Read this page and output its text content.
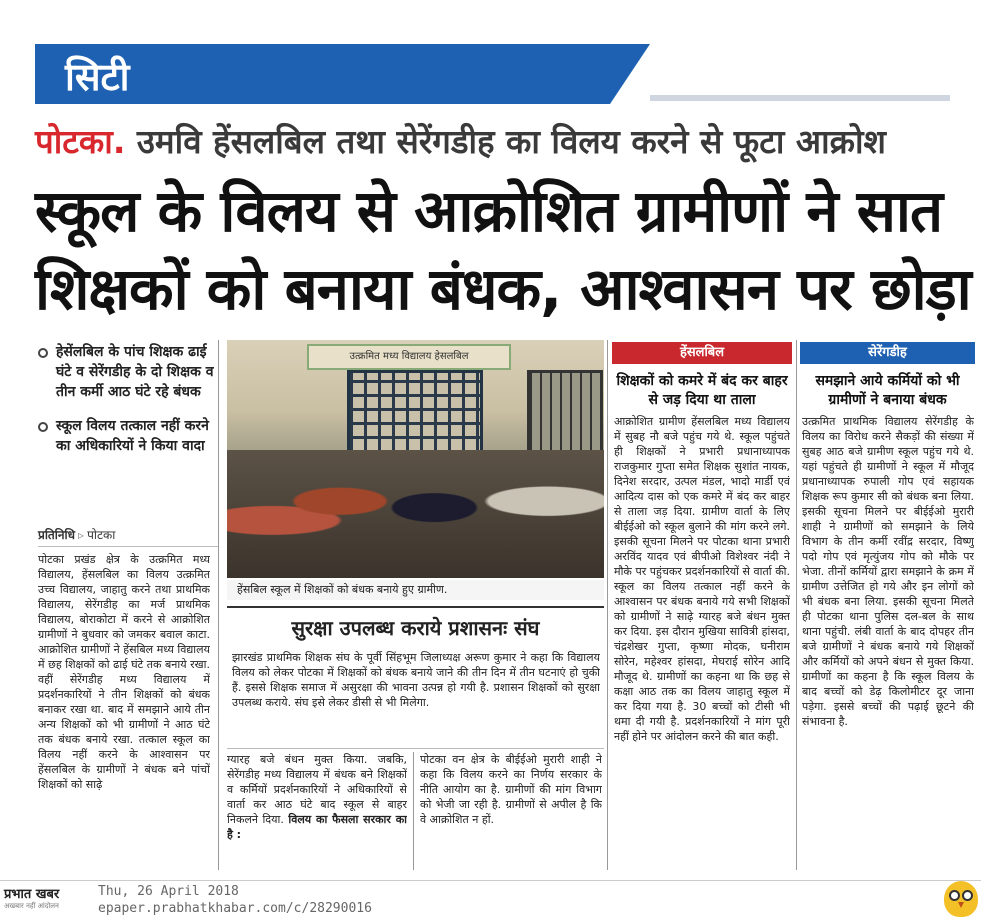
सिटी
पोटका. उमवि हेंसलबिल तथा सेरेंगडीह का विलय करने से फूटा आक्रोश
स्कूल के विलय से आक्रोशित ग्रामीणों ने सात
शिक्षकों को बनाया बंधक, आश्वासन पर छोड़ा
हेसेंलबिल के पांच शिक्षक ढाई घंटे व सेरेंगडीह के दो शिक्षक व तीन कर्मी आठ घंटे रहे बंधक
स्कूल विलय तत्काल नहीं करने का अधिकारियों ने किया वादा
प्रतिनिधि ▹ पोटका
पोटका प्रखंड क्षेत्र के उत्क्रमित मध्य विद्यालय, हेंसलबिल का विलय उत्क्रमित उच्च विद्यालय, जाहातु करने तथा प्राथमिक विद्यालय, सेरेंगडीह का मर्ज प्राथमिक विद्यालय, बोराकोटा में करने से आक्रोशित ग्रामीणों ने बुधवार को जमकर बवाल काटा. आक्रोशित ग्रामीणों ने हेंसबिल मध्य विद्यालय में छह शिक्षकों को ढाई घंटे तक बनाये रखा. वहीं सेरेंगडीह मध्य विद्यालय में प्रदर्शनकारियों ने तीन शिक्षकों को बंधक बनाकर रखा था. बाद में समझाने आये तीन अन्य शिक्षकों को भी ग्रामीणों ने आठ घंटे तक बंधक बनाये रखा. तत्काल स्कूल का विलय नहीं करने के आश्वासन पर हेंसलबिल के ग्रामीणों ने बंधक बने पांचों शिक्षकों को साढ़े
उत्क्रमित मध्य विद्यालय हेसलबिल
हेंसबिल स्कूल में शिक्षकों को बंधक बनाये हुए ग्रामीण.
सुरक्षा उपलब्ध कराये प्रशासनः संघ
झारखंड प्राथमिक शिक्षक संघ के पूर्वी सिंहभूम जिलाध्यक्ष अरूण कुमार ने कहा कि विद्यालय विलय को लेकर पोटका में शिक्षकों को बंधक बनाये जाने की तीन दिन में तीन घटनाएं हो चुकी हैं. इससे शिक्षक समाज में असुरक्षा की भावना उत्पन्न हो गयी है. प्रशासन शिक्षकों को सुरक्षा उपलब्ध कराये. संघ इसे लेकर डीसी से भी मिलेगा.
ग्यारह बजे बंधन मुक्त किया. जबकि, सेरेंगडीह मध्य विद्यालय में बंधक बने शिक्षकों व कर्मियों प्रदर्शनकारियों ने अधिकारियों से वार्ता कर आठ घंटे बाद स्कूल से बाहर निकलने दिया. विलय का फैसला सरकार का है :
पोटका वन क्षेत्र के बीईईओ मुरारी शाही ने कहा कि विलय करने का निर्णय सरकार के नीति आयोग का है. ग्रामीणों की मांग विभाग को भेजी जा रही है. ग्रामीणों से अपील है कि वे आक्रोशित न हों.
हेंसलबिल
शिक्षकों को कमरे में बंद कर बाहर से जड़ दिया था ताला
आक्रोशित ग्रामीण हेंसलबिल मध्य विद्यालय में सुबह नौ बजे पहुंच गये थे. स्कूल पहुंचते ही शिक्षकों ने प्रभारी प्रधानाध्यापक राजकुमार गुप्ता समेत शिक्षक सुशांत नायक, दिनेश सरदार, उत्पल मंडल, भादो मार्डी एवं आदित्य दास को एक कमरे में बंद कर बाहर से ताला जड़ दिया. ग्रामीण वार्ता के लिए बीईईओ को स्कूल बुलाने की मांग करने लगे. इसकी सूचना मिलने पर पोटका थाना प्रभारी अरविंद यादव एवं बीपीओ विशेश्वर नंदी ने मौके पर पहुंचकर प्रदर्शनकारियों से वार्ता की. स्कूल का विलय तत्काल नहीं करने के आश्वासन पर बंधक बनाये गये सभी शिक्षकों को ग्रामीणों ने साढ़े ग्यारह बजे बंधन मुक्त कर दिया. इस दौरान मुखिया सावित्री हांसदा, चंद्रशेखर गुप्ता, कृष्णा मोदक, घनीराम सोरेन, महेश्वर हांसदा, मेघराई सोरेन आदि मौजूद थे. ग्रामीणों का कहना था कि छह से कक्षा आठ तक का विलय जाहातु स्कूल में कर दिया गया है. 30 बच्चों को टीसी भी थमा दी गयी है. प्रदर्शनकारियों ने मांग पूरी नहीं होने पर आंदोलन करने की बात कही.
सेरेंगडीह
समझाने आये कर्मियों को भी ग्रामीणों ने बनाया बंधक
उत्क्रमित प्राथमिक विद्यालय सेरेंगडीह के विलय का विरोध करने सैकड़ों की संख्या में सुबह आठ बजे ग्रामीण स्कूल पहुंच गये थे. यहां पहुंचते ही ग्रामीणों ने स्कूल में मौजूद प्रधानाध्यापक रुपाली गोप एवं सहायक शिक्षक रूप कुमार सी को बंधक बना लिया. इसकी सूचना मिलने पर बीईईओ मुरारी शाही ने ग्रामीणों को समझाने के लिये विभाग के तीन कर्मी रवींद्र सरदार, विष्णु पदो गोप एवं मृत्युंजय गोप को मौके पर भेजा. तीनों कर्मियों द्वारा समझाने के क्रम में ग्रामीण उत्तेजित हो गये और इन लोगों को भी बंधक बना लिया. इसकी सूचना मिलते ही पोटका थाना पुलिस दल-बल के साथ थाना पहुंची. लंबी वार्ता के बाद दोपहर तीन बजे ग्रामीणों ने बंधक बनाये गये शिक्षकों और कर्मियों को अपने बंधन से मुक्त किया. ग्रामीणों का कहना है कि स्कूल विलय के बाद बच्चों को डेढ़ किलोमीटर दूर जाना पड़ेगा. इससे बच्चों की पढ़ाई छूटने की संभावना है.
प्रभात खबर
अखबार नहीं आंदोलन
Thu, 26 April 2018
epaper.prabhatkhabar.com/c/28290016
